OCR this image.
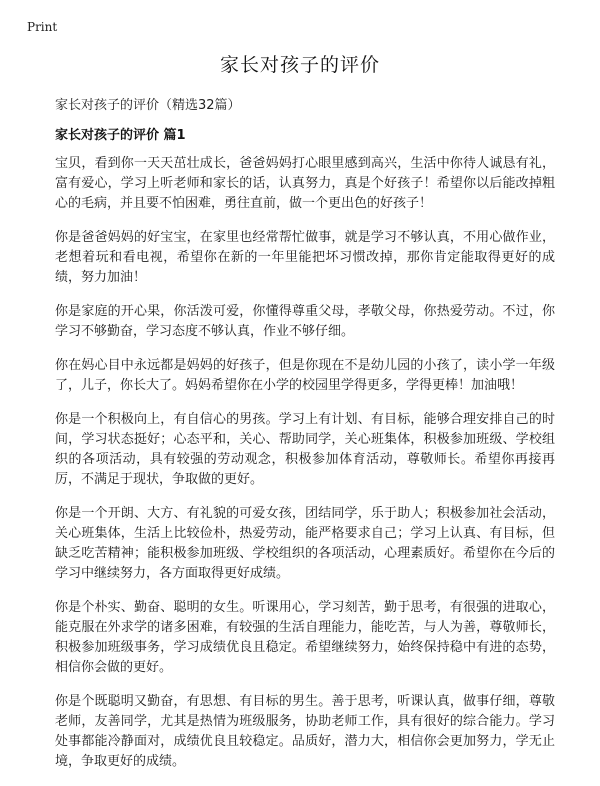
Print
家长对孩子的评价
家长对孩子的评价（精选32篇）
家长对孩子的评价 篇1

宝贝，看到你一天天茁壮成长，爸爸妈妈打心眼里感到高兴，生活中你待人诚恳有礼，富有爱心，学习上听老师和家长的话，认真努力，真是个好孩子！希望你以后能改掉粗心的毛病，并且要不怕困难，勇往直前，做一个更出色的好孩子！

你是爸爸妈妈的好宝宝，在家里也经常帮忙做事，就是学习不够认真，不用心做作业，老想着玩和看电视，希望你在新的一年里能把坏习惯改掉，那你肯定能取得更好的成绩，努力加油！

你是家庭的开心果，你活泼可爱，你懂得尊重父母，孝敬父母，你热爱劳动。不过，你学习不够勤奋，学习态度不够认真，作业不够仔细。

你在妈心目中永远都是妈妈的好孩子，但是你现在不是幼儿园的小孩了，读小学一年级了，儿子，你长大了。妈妈希望你在小学的校园里学得更多，学得更棒！加油哦！

你是一个积极向上，有自信心的男孩。学习上有计划、有目标，能够合理安排自己的时间，学习状态挺好；心态平和，关心、帮助同学，关心班集体，积极参加班级、学校组织的各项活动，具有较强的劳动观念，积极参加体育活动，尊敬师长。希望你再接再厉，不满足于现状，争取做的更好。

你是一个开朗、大方、有礼貌的可爱女孩，团结同学，乐于助人；积极参加社会活动，关心班集体，生活上比较俭朴，热爱劳动，能严格要求自己；学习上认真、有目标，但缺乏吃苦精神；能积极参加班级、学校组织的各项活动，心理素质好。希望你在今后的学习中继续努力，各方面取得更好成绩。

你是个朴实、勤奋、聪明的女生。听课用心，学习刻苦，勤于思考，有很强的进取心，能克服在外求学的诸多困难，有较强的生活自理能力，能吃苦，与人为善，尊敬师长，积极参加班级事务，学习成绩优良且稳定。希望继续努力，始终保持稳中有进的态势，相信你会做的更好。

你是个既聪明又勤奋，有思想、有目标的男生。善于思考，听课认真，做事仔细，尊敬老师，友善同学，尤其是热情为班级服务，协助老师工作，具有很好的综合能力。学习处事都能冷静面对，成绩优良且较稳定。品质好，潜力大，相信你会更加努力，学无止境，争取更好的成绩。
